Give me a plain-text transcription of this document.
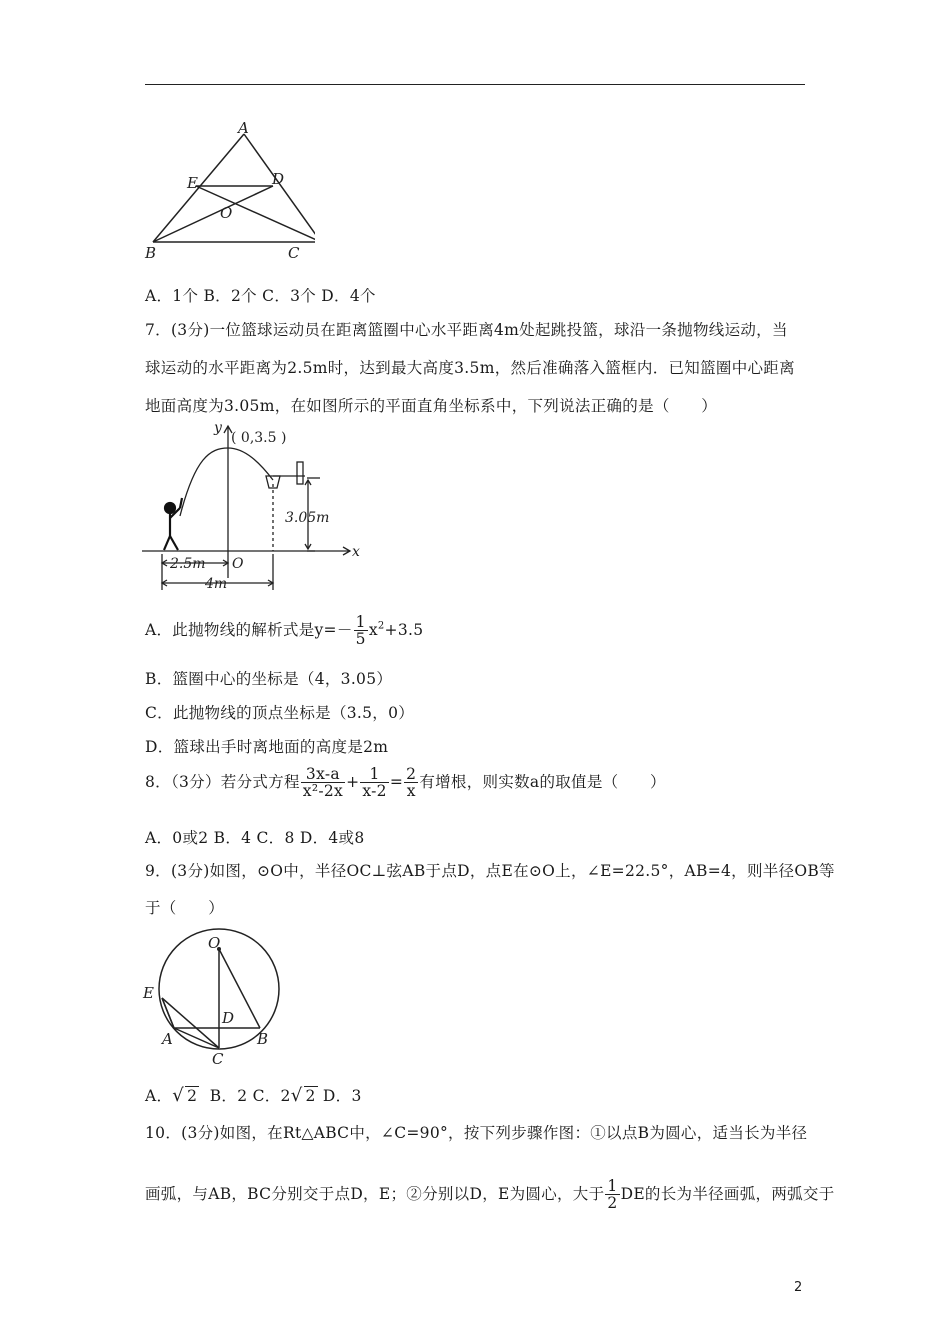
A
B	C
D
E
O
A．1个 B．2个 C．3个 D．4个
7．(3分)一位篮球运动员在距离篮圈中心水平距离4m处起跳投篮，球沿一条抛物线运动，当
球运动的水平距离为2.5m时，达到最大高度3.5m，然后准确落入篮框内．已知篮圈中心距离
地面高度为3.05m，在如图所示的平面直角坐标系中，下列说法正确的是（　　）
y
x
( 0,3.5 )
3.05m
2.5m O
4m
A．此抛物线的解析式是$y=- \frac{1}{5} x^2+3.5$
B．篮圈中心的坐标是（4，3.05）
C．此抛物线的顶点坐标是（3.5，0）
D．篮球出手时离地面的高度是2m
8．（3分）若分式方程 $\frac{3x-a}{\text{x²-2x}} + \frac{1}{x-2} = \frac{2}{x}$ 有增根，则实数a的取值是（　　）
A．0或2 B．4 C．8 D．4或8
9．(3分)如图，⊙O中，半径OC⊥弦AB于点D，点E在⊙O上，∠E=22.5°，AB=4，则半径OB等
于（　　）
O
E
D
A	B
C
A．√ 2 B．2 C．2√ 2 D．3
10．(3分)如图，在Rt△ABC中，∠C=90°，按下列步骤作图：①以点B为圆心，适当长为半径
画弧，与AB，BC分别交于点D，E；②分别以D，E为圆心，大于 $\frac{1}{2}$ DE的长为半径画弧，两弧交于
2
